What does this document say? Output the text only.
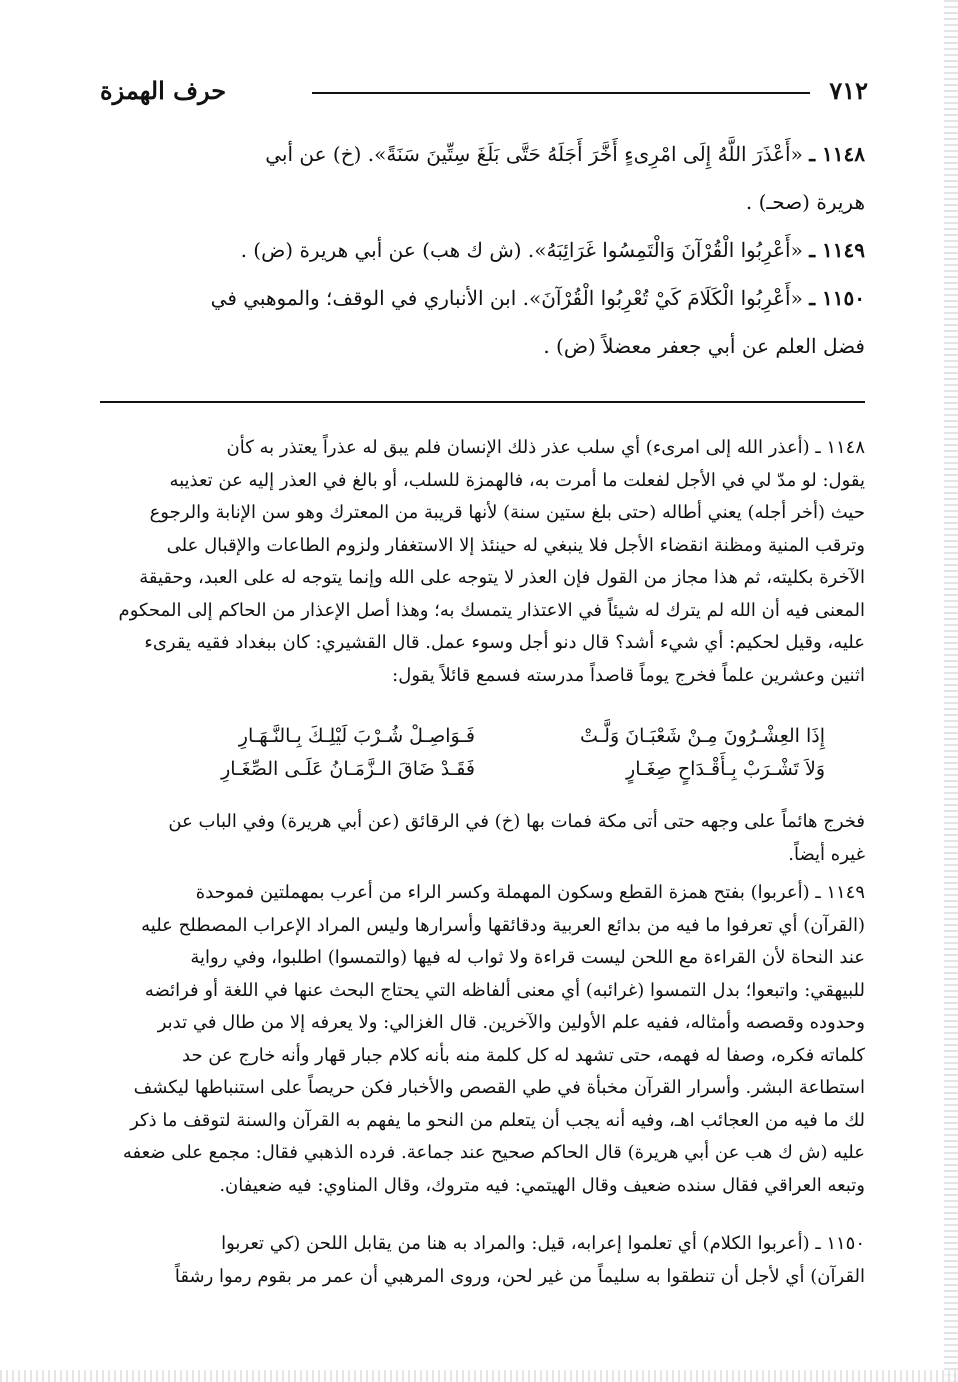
٧١٢
حرف الهمزة

١١٤٨ ـ «أَعْذَرَ اللَّهُ إِلَى امْرِىءٍ أَخَّرَ أَجَلَهُ حَتَّى بَلَغَ سِتِّينَ سَنَةً». (خ) عن أبي

هريرة (صحـ) .

١١٤٩ ـ «أَعْرِبُوا الْقُرْآنَ وَالْتَمِسُوا غَرَائِبَهُ». (ش ك هب) عن أبي هريرة (ض) .

١١٥٠ ـ «أَعْرِبُوا الْكَلَامَ كَيْ تُعْرِبُوا الْقُرْآنَ». ابن الأنباري في الوقف؛ والموهبي في

فضل العلم عن أبي جعفر معضلاً (ض) .

١١٤٨ ـ (أعذر الله إلى امرىء) أي سلب عذر ذلك الإنسان فلم يبق له عذراً يعتذر به كأن

يقول: لو مدّ لي في الأجل لفعلت ما أمرت به، فالهمزة للسلب، أو بالغ في العذر إليه عن تعذيبه

حيث (أخر أجله) يعني أطاله (حتى بلغ ستين سنة) لأنها قريبة من المعترك وهو سن الإنابة والرجوع

وترقب المنية ومظنة انقضاء الأجل فلا ينبغي له حينئذ إلا الاستغفار ولزوم الطاعات والإقبال على

الآخرة بكليته، ثم هذا مجاز من القول فإن العذر لا يتوجه على الله وإنما يتوجه له على العبد، وحقيقة

المعنى فيه أن الله لم يترك له شيئاً في الاعتذار يتمسك به؛ وهذا أصل الإعذار من الحاكم إلى المحكوم

عليه، وقيل لحكيم: أي شيء أشد؟ قال دنو أجل وسوء عمل. قال القشيري: كان ببغداد فقيه يقرىء

اثنين وعشرين علماً فخرج يوماً قاصداً مدرسته فسمع قائلاً يقول:

إِذَا العِشْـرُونَ مِـنْ شَعْبَـانَ وَلَّـتْ
فَـوَاصِـلْ شُـرْبَ لَيْلِـكَ بِـالنَّـهَـارِ
وَلاَ تَشْـرَبْ بِـأَقْـدَاحٍ صِغَـارٍ
فَقَـدْ ضَاقَ الـزَّمَـانُ عَلَـى الصِّغَـارِ

فخرج هائماً على وجهه حتى أتى مكة فمات بها (خ) في الرقائق (عن أبي هريرة) وفي الباب عن

غيره أيضاً.

١١٤٩ ـ (أعربوا) بفتح همزة القطع وسكون المهملة وكسر الراء من أعرب بمهملتين فموحدة

(القرآن) أي تعرفوا ما فيه من بدائع العربية ودقائقها وأسرارها وليس المراد الإعراب المصطلح عليه

عند النحاة لأن القراءة مع اللحن ليست قراءة ولا ثواب له فيها (والتمسوا) اطلبوا، وفي رواية

للبيهقي: واتبعوا؛ بدل التمسوا (غرائبه) أي معنى ألفاظه التي يحتاج البحث عنها في اللغة أو فرائضه

وحدوده وقصصه وأمثاله، ففيه علم الأولين والآخرين. قال الغزالي: ولا يعرفه إلا من طال في تدبر

كلماته فكره، وصفا له فهمه، حتى تشهد له كل كلمة منه بأنه كلام جبار قهار وأنه خارج عن حد

استطاعة البشر. وأسرار القرآن مخبأة في طي القصص والأخبار فكن حريصاً على استنباطها ليكشف

لك ما فيه من العجائب اهـ، وفيه أنه يجب أن يتعلم من النحو ما يفهم به القرآن والسنة لتوقف ما ذكر

عليه (ش ك هب عن أبي هريرة) قال الحاكم صحيح عند جماعة. فرده الذهبي فقال: مجمع على ضعفه

وتبعه العراقي فقال سنده ضعيف وقال الهيتمي: فيه متروك، وقال المناوي: فيه ضعيفان.

١١٥٠ ـ (أعربوا الكلام) أي تعلموا إعرابه، قيل: والمراد به هنا من يقابل اللحن (كي تعربوا

القرآن) أي لأجل أن تنطقوا به سليماً من غير لحن، وروى المرهبي أن عمر مر بقوم رموا رشقاً
